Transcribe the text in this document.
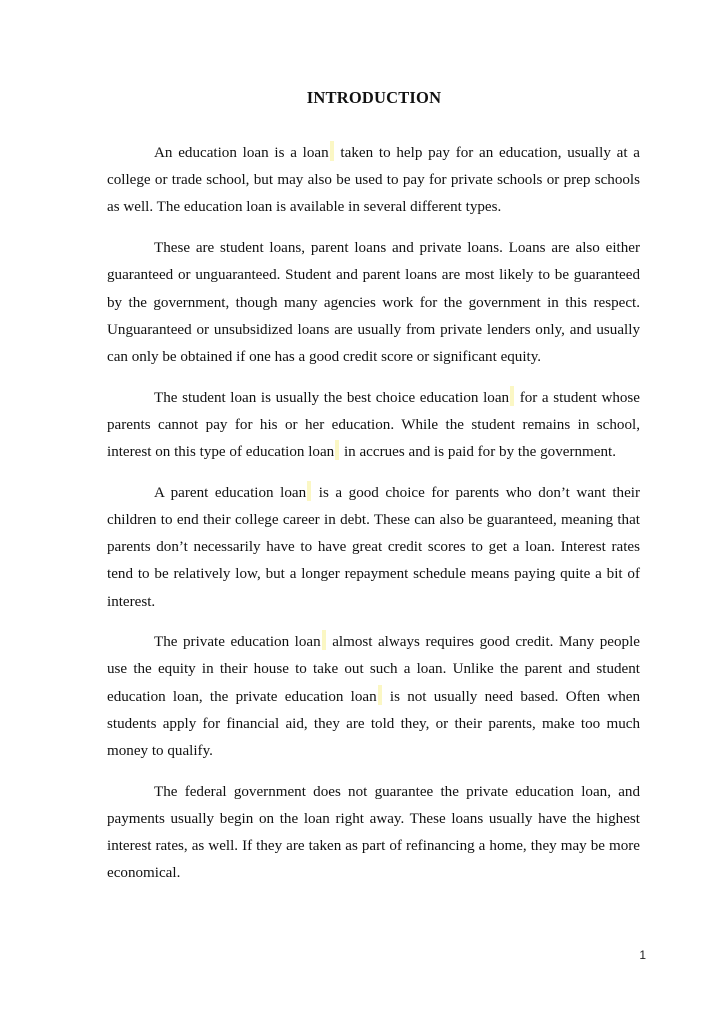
INTRODUCTION

An education loan is a loan taken to help pay for an education, usually at a college or trade school, but may also be used to pay for private schools or prep schools as well. The education loan is available in several different types.

These are student loans, parent loans and private loans. Loans are also either guaranteed or unguaranteed. Student and parent loans are most likely to be guaranteed by the government, though many agencies work for the government in this respect. Unguaranteed or unsubsidized loans are usually from private lenders only, and usually can only be obtained if one has a good credit score or significant equity.

The student loan is usually the best choice education loan for a student whose parents cannot pay for his or her education. While the student remains in school, interest on this type of education loan in accrues and is paid for by the government.

A parent education loan is a good choice for parents who don’t want their children to end their college career in debt. These can also be guaranteed, meaning that parents don’t necessarily have to have great credit scores to get a loan. Interest rates tend to be relatively low, but a longer repayment schedule means paying quite a bit of interest.

The private education loan almost always requires good credit. Many people use the equity in their house to take out such a loan. Unlike the parent and student education loan, the private education loan is not usually need based. Often when students apply for financial aid, they are told they, or their parents, make too much money to qualify.

The federal government does not guarantee the private education loan, and payments usually begin on the loan right away. These loans usually have the highest interest rates, as well. If they are taken as part of refinancing a home, they may be more economical.

1
